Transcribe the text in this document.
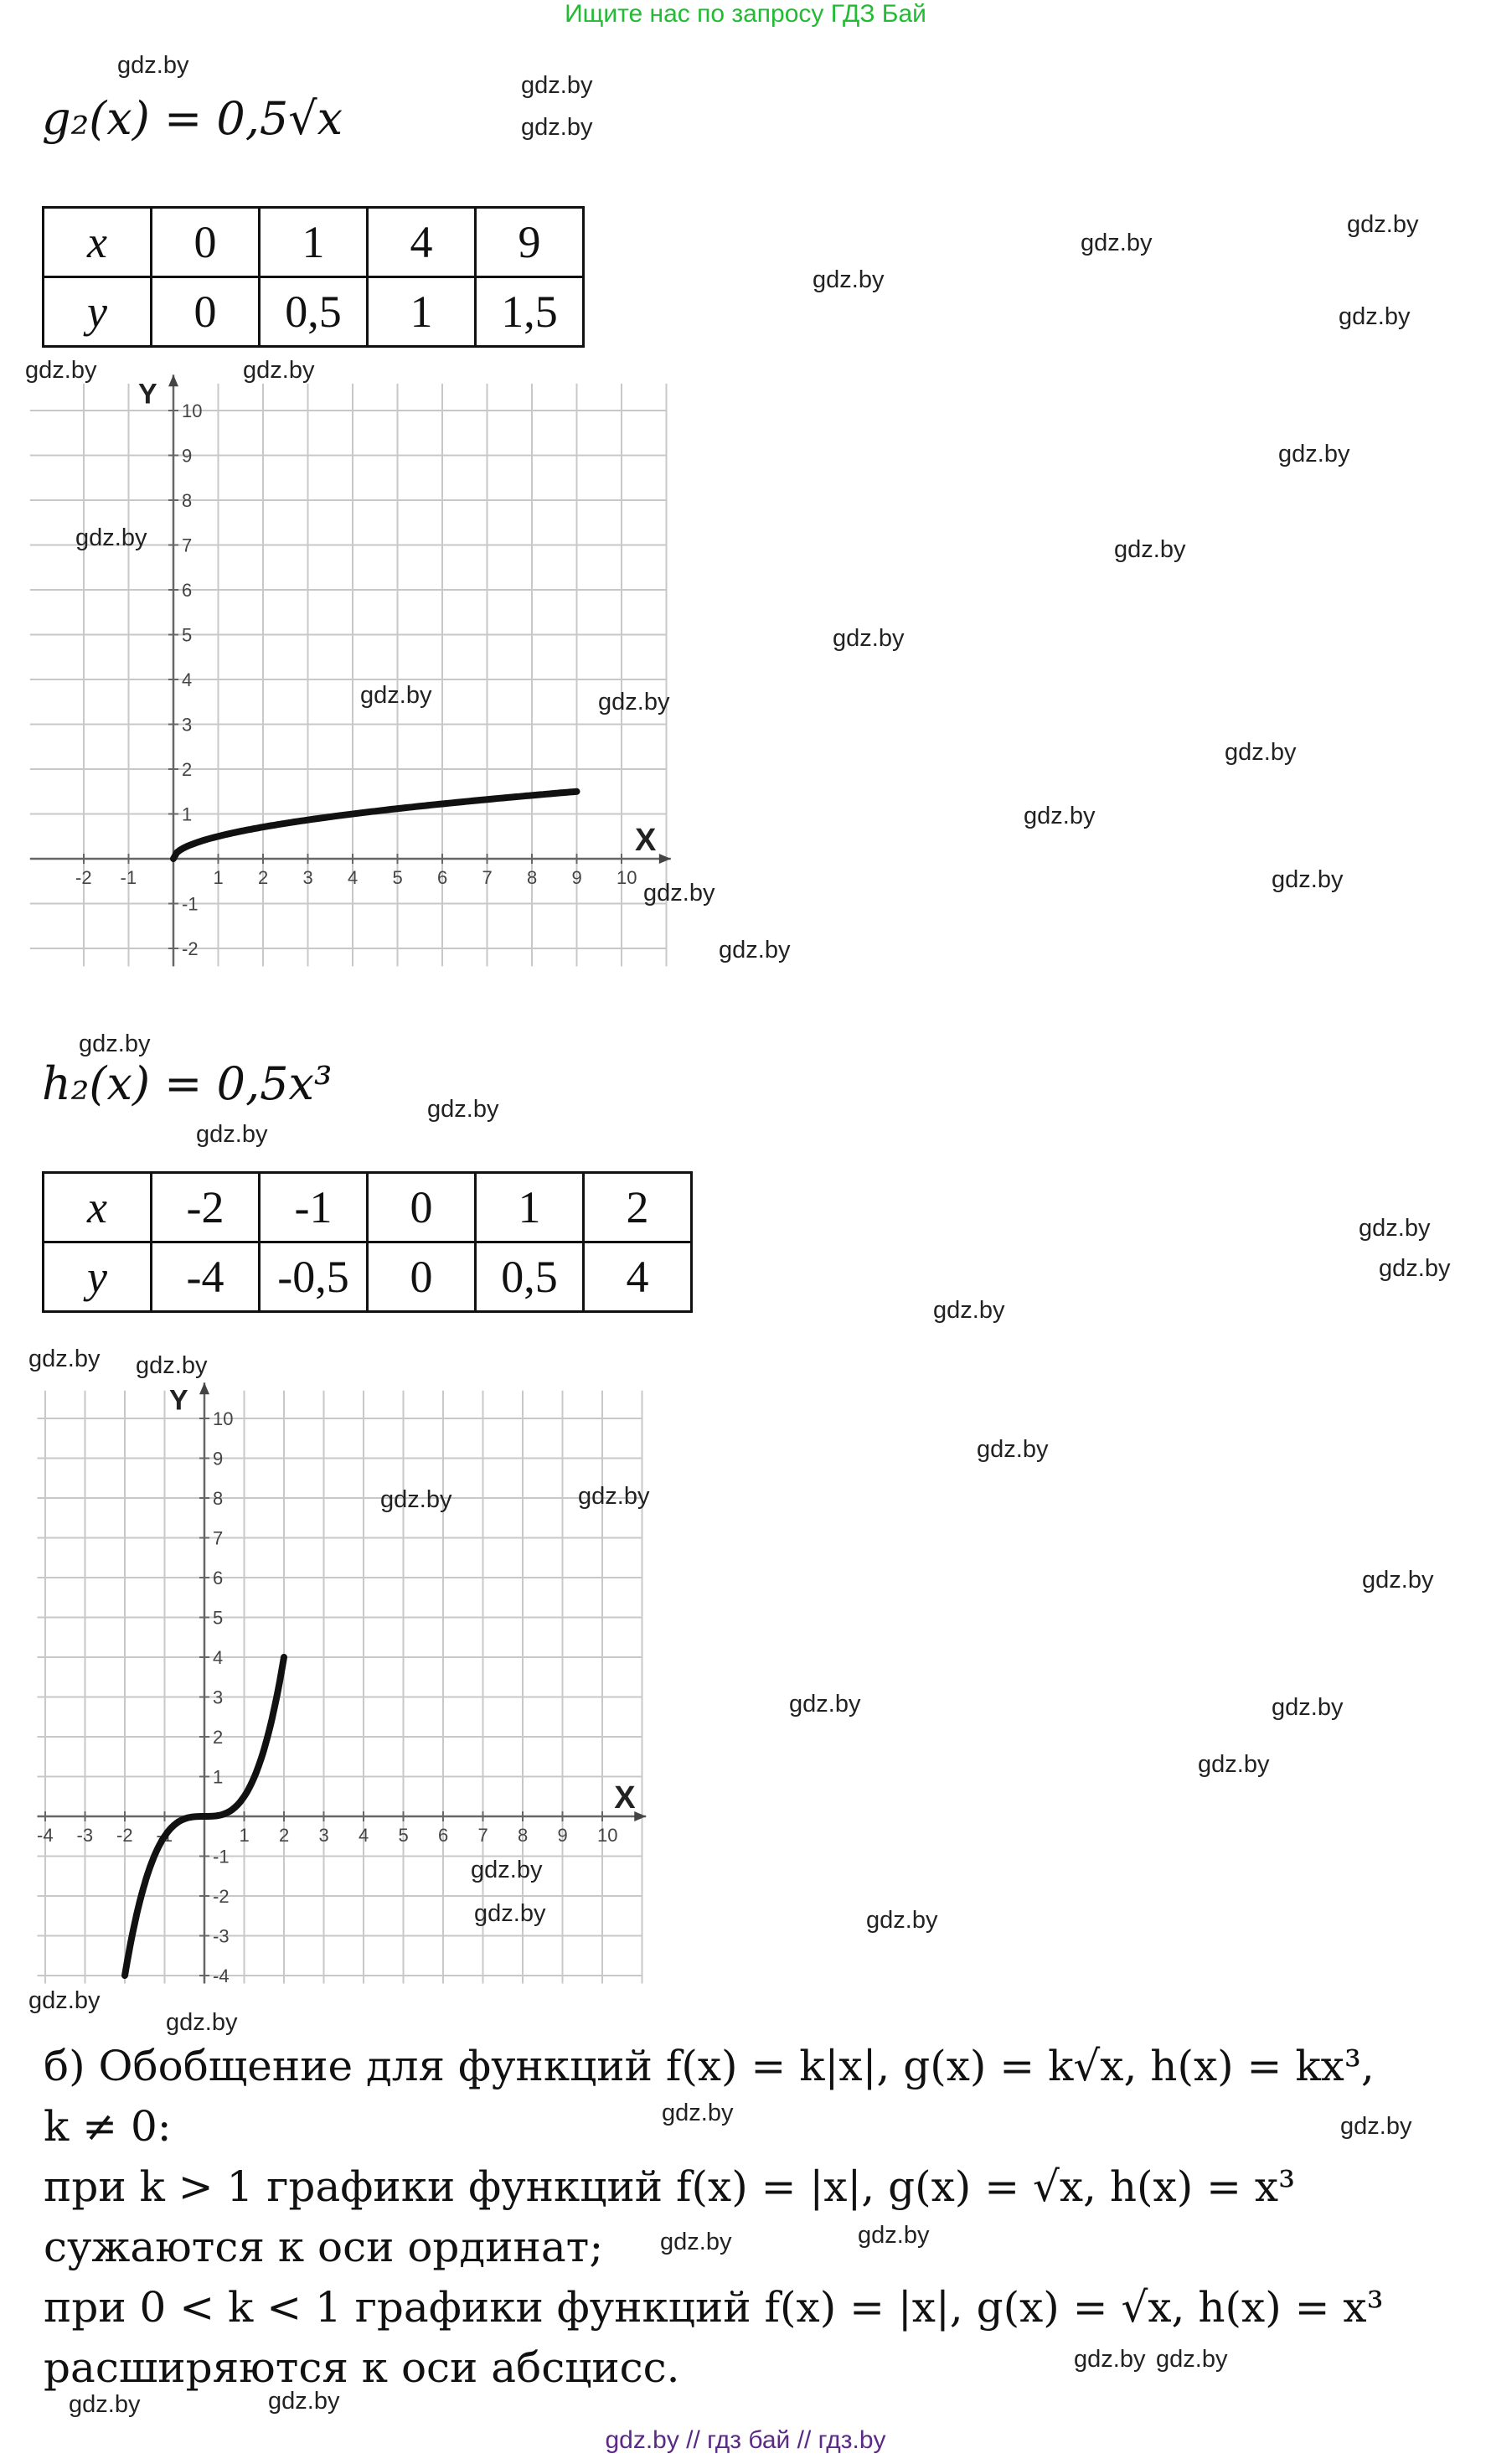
Ищите нас по запросу ГДЗ Бай
g₂(x) = 0,5√x
x	0	1	4	9
y	0	0,5	1	1,5
X
Y
-2 -1	1 2 3 4 5 6 7 8 9 10
10
9
8
7
6
5
4
3
2
1
-1
-2
h₂(x) = 0,5x³
x	-2	-1	0	1	2
y	-4	-0,5	0	0,5	4
X
Y
-4 -3 -2 -1	1 2 3 4 5 6 7 8 9 10
10
9
8
7
6
5
4
3
2
1
-1
-2
-3
-4
б) Обобщение для функций f(x) = k|x|, g(x) = k√x, h(x) = kx³,
k ≠ 0:
при k > 1 графики функций f(x) = |x|, g(x) = √x, h(x) = x³
сужаются к оси ординат;
при 0 < k < 1 графики функций f(x) = |x|, g(x) = √x, h(x) = x³
расширяются к оси абсцисс.
gdz.by
gdz.by
gdz.by
gdz.by
gdz.by
gdz.by
gdz.by
gdz.by	gdz.by
gdz.by
gdz.by	gdz.by
gdz.by
gdz.by	gdz.by
gdz.by
gdz.by
gdz.by
gdz.by
gdz.by
gdz.by
gdz.by
gdz.by
gdz.by
gdz.by
gdz.by
gdz.by gdz.by
gdz.by
gdz.by	gdz.by
gdz.by
gdz.by	gdz.by
gdz.by
gdz.by
gdz.by	gdz.by
gdz.by
gdz.by
gdz.by	gdz.by
gdz.by	gdz.by
gdz.by gdz.by
gdz.by	gdz.by
gdz.by // гдз бай // гдз.by
